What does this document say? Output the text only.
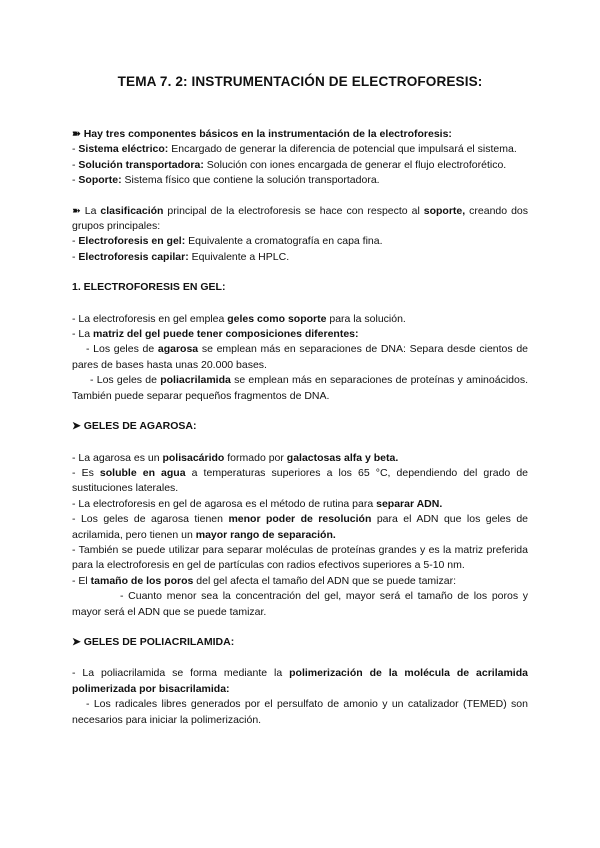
TEMA 7. 2: INSTRUMENTACIÓN DE ELECTROFORESIS:

➽ Hay tres componentes básicos en la instrumentación de la electroforesis:

- Sistema eléctrico: Encargado de generar la diferencia de potencial que impulsará el sistema.

- Solución transportadora: Solución con iones encargada de generar el flujo electroforético.

- Soporte: Sistema físico que contiene la solución transportadora.

➽ La clasificación principal de la electroforesis se hace con respecto al soporte, creando dos grupos principales:

- Electroforesis en gel: Equivalente a cromatografía en capa fina.

- Electroforesis capilar: Equivalente a HPLC.

1. ELECTROFORESIS EN GEL:

- La electroforesis en gel emplea geles como soporte para la solución.

- La matriz del gel puede tener composiciones diferentes:

- Los geles de agarosa se emplean más en separaciones de DNA: Separa desde cientos de pares de bases hasta unas 20.000 bases.

- Los geles de poliacrilamida se emplean más en separaciones de proteínas y aminoácidos. También puede separar pequeños fragmentos de DNA.

➤ GELES DE AGAROSA:

- La agarosa es un polisacárido formado por galactosas alfa y beta.

- Es soluble en agua a temperaturas superiores a los 65 °C, dependiendo del grado de sustituciones laterales.

- La electroforesis en gel de agarosa es el método de rutina para separar ADN.

- Los geles de agarosa tienen menor poder de resolución para el ADN que los geles de acrilamida, pero tienen un mayor rango de separación.

- También se puede utilizar para separar moléculas de proteínas grandes y es la matriz preferida para la electroforesis en gel de partículas con radios efectivos superiores a 5-10 nm.

- El tamaño de los poros del gel afecta el tamaño del ADN que se puede tamizar:

- Cuanto menor sea la concentración del gel, mayor será el tamaño de los poros y mayor será el ADN que se puede tamizar.

➤ GELES DE POLIACRILAMIDA:

- La poliacrilamida se forma mediante la polimerización de la molécula de acrilamida polimerizada por bisacrilamida:

- Los radicales libres generados por el persulfato de amonio y un catalizador (TEMED) son necesarios para iniciar la polimerización.
